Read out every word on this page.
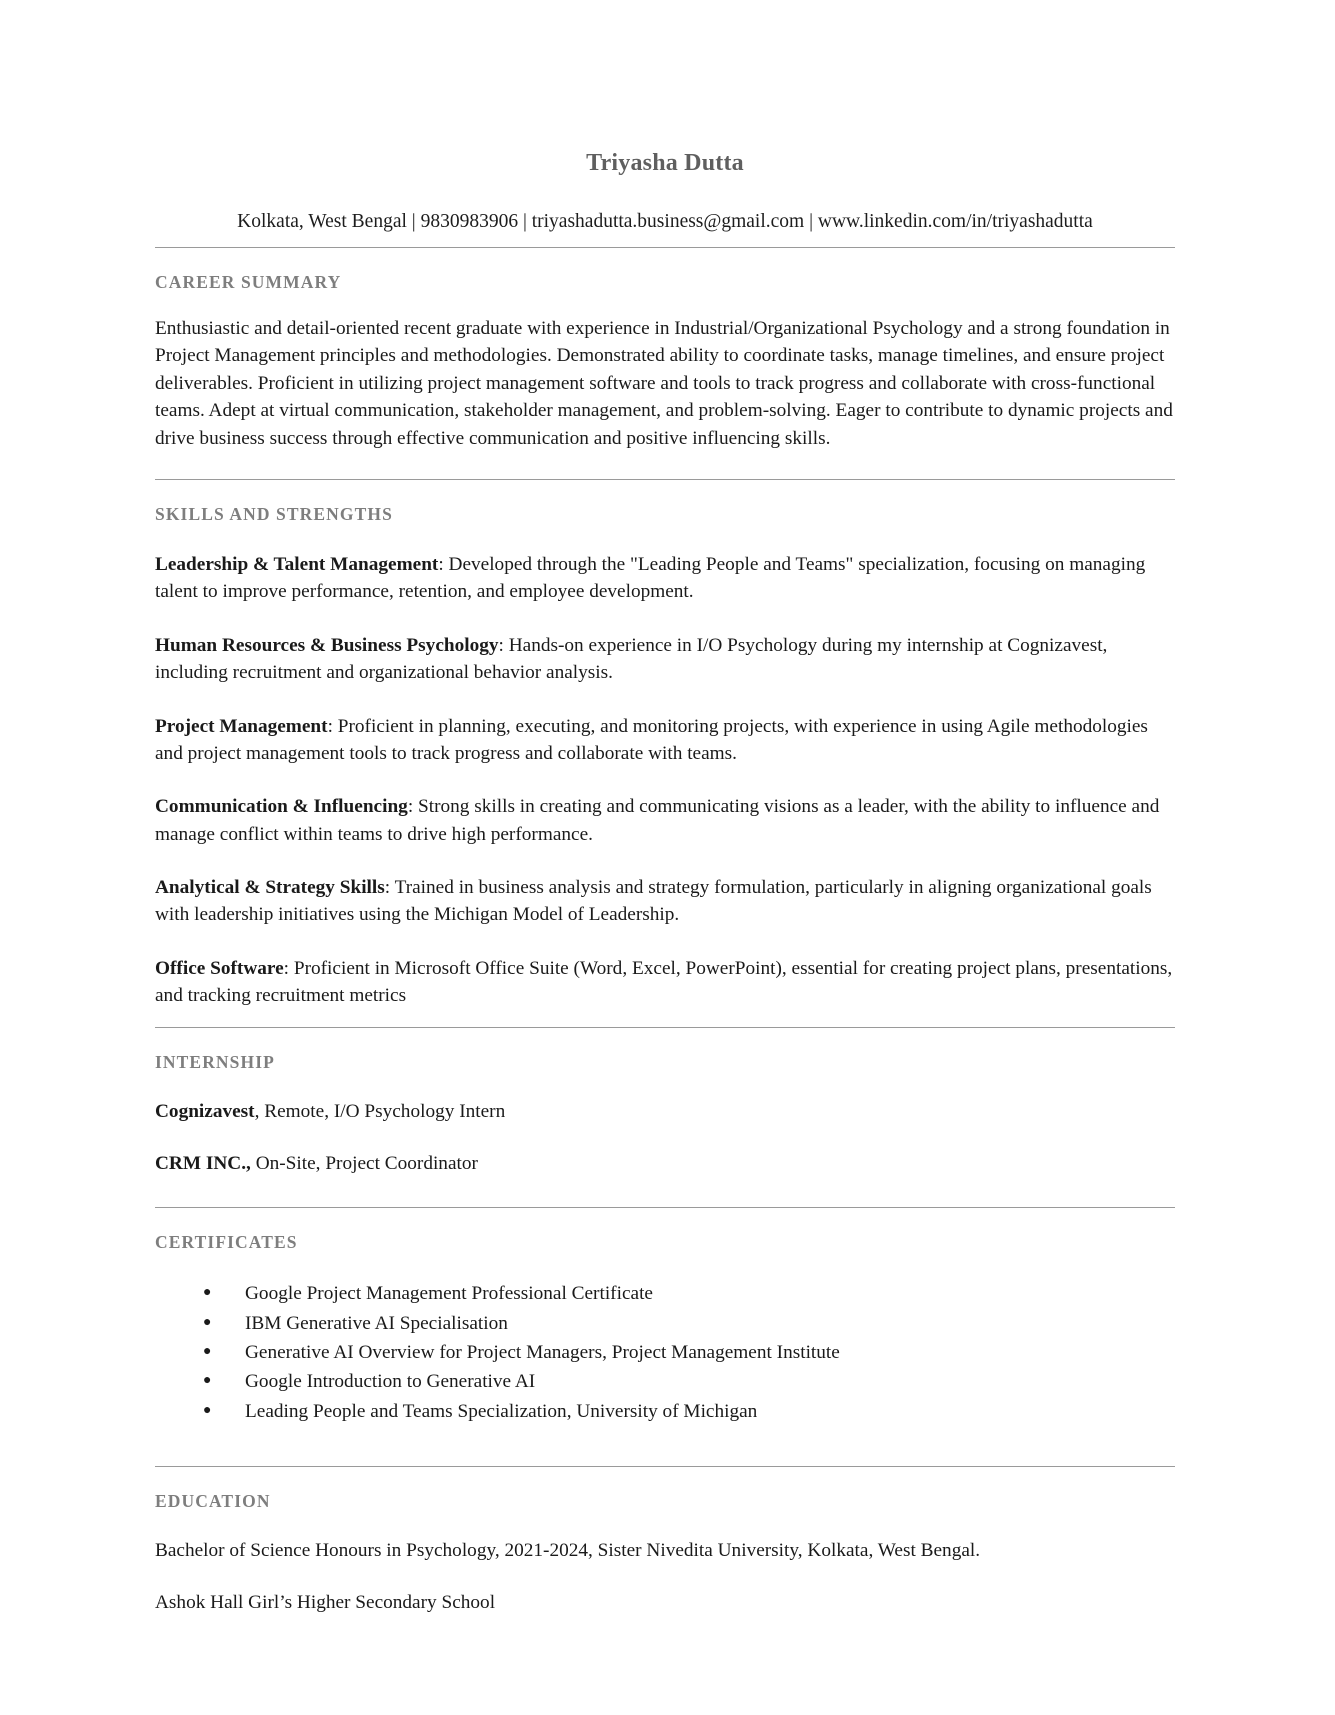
Triyasha Dutta
Kolkata, West Bengal | 9830983906 | triyashadutta.business@gmail.com | www.linkedin.com/in/triyashadutta
CAREER SUMMARY

Enthusiastic and detail-oriented recent graduate with experience in Industrial/Organizational Psychology and a strong foundation in Project Management principles and methodologies. Demonstrated ability to coordinate tasks, manage timelines, and ensure project deliverables. Proficient in utilizing project management software and tools to track progress and collaborate with cross-functional teams. Adept at virtual communication, stakeholder management, and problem-solving. Eager to contribute to dynamic projects and drive business success through effective communication and positive influencing skills.

SKILLS AND STRENGTHS

Leadership & Talent Management: Developed through the "Leading People and Teams" specialization, focusing on managing talent to improve performance, retention, and employee development.

Human Resources & Business Psychology: Hands-on experience in I/O Psychology during my internship at Cognizavest, including recruitment and organizational behavior analysis.

Project Management: Proficient in planning, executing, and monitoring projects, with experience in using Agile methodologies and project management tools to track progress and collaborate with teams.

Communication & Influencing: Strong skills in creating and communicating visions as a leader, with the ability to influence and manage conflict within teams to drive high performance.

Analytical & Strategy Skills: Trained in business analysis and strategy formulation, particularly in aligning organizational goals with leadership initiatives using the Michigan Model of Leadership.

Office Software: Proficient in Microsoft Office Suite (Word, Excel, PowerPoint), essential for creating project plans, presentations, and tracking recruitment metrics

INTERNSHIP

Cognizavest, Remote, I/O Psychology Intern

CRM INC., On-Site, Project Coordinator

CERTIFICATES
● Google Project Management Professional Certificate
● IBM Generative AI Specialisation
● Generative AI Overview for Project Managers, Project Management Institute
● Google Introduction to Generative AI
● Leading People and Teams Specialization, University of Michigan
EDUCATION

Bachelor of Science Honours in Psychology, 2021-2024, Sister Nivedita University, Kolkata, West Bengal.

Ashok Hall Girl’s Higher Secondary School
